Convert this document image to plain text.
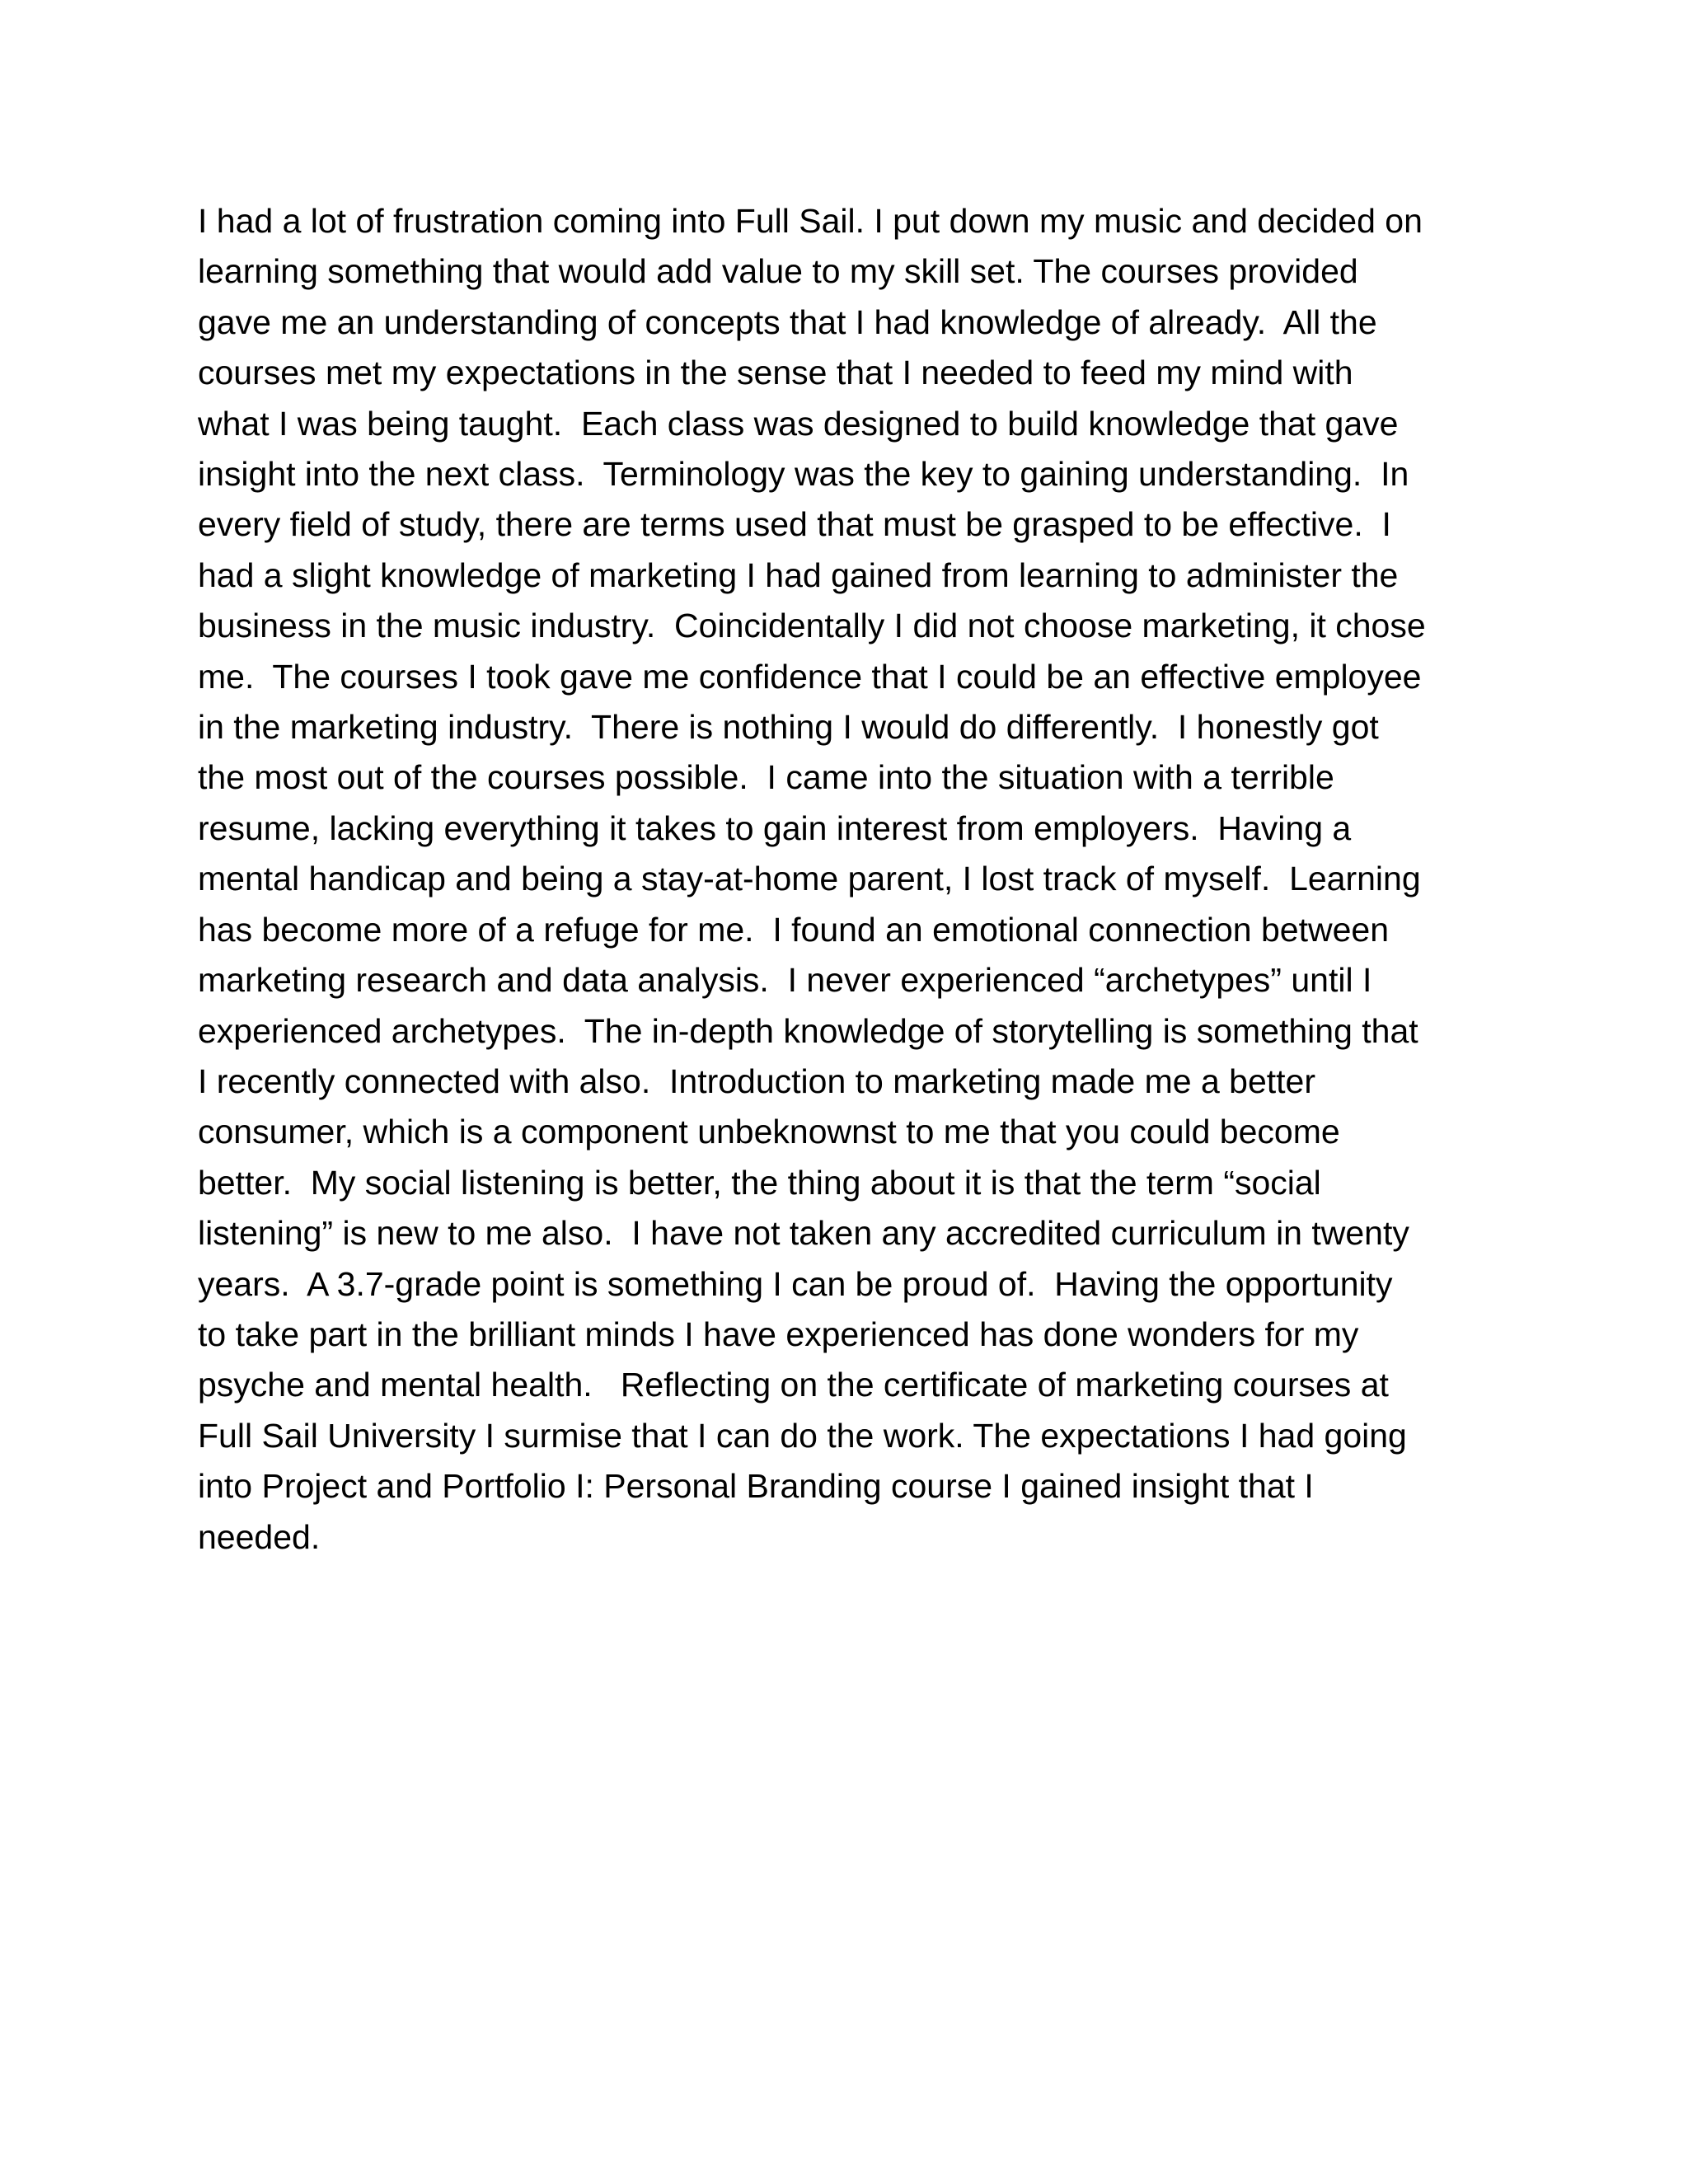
I had a lot of frustration coming into Full Sail. I put down my music and decided on
learning something that would add value to my skill set. The courses provided
gave me an understanding of concepts that I had knowledge of already.  All the
courses met my expectations in the sense that I needed to feed my mind with
what I was being taught.  Each class was designed to build knowledge that gave
insight into the next class.  Terminology was the key to gaining understanding.  In
every field of study, there are terms used that must be grasped to be effective.  I
had a slight knowledge of marketing I had gained from learning to administer the
business in the music industry.  Coincidentally I did not choose marketing, it chose
me.  The courses I took gave me confidence that I could be an effective employee
in the marketing industry.  There is nothing I would do differently.  I honestly got
the most out of the courses possible.  I came into the situation with a terrible
resume, lacking everything it takes to gain interest from employers.  Having a
mental handicap and being a stay-at-home parent, I lost track of myself.  Learning
has become more of a refuge for me.  I found an emotional connection between
marketing research and data analysis.  I never experienced “archetypes” until I
experienced archetypes.  The in-depth knowledge of storytelling is something that
I recently connected with also.  Introduction to marketing made me a better
consumer, which is a component unbeknownst to me that you could become
better.  My social listening is better, the thing about it is that the term “social
listening” is new to me also.  I have not taken any accredited curriculum in twenty
years.  A 3.7-grade point is something I can be proud of.  Having the opportunity
to take part in the brilliant minds I have experienced has done wonders for my
psyche and mental health.   Reflecting on the certificate of marketing courses at
Full Sail University I surmise that I can do the work. The expectations I had going
into Project and Portfolio I: Personal Branding course I gained insight that I
needed.
